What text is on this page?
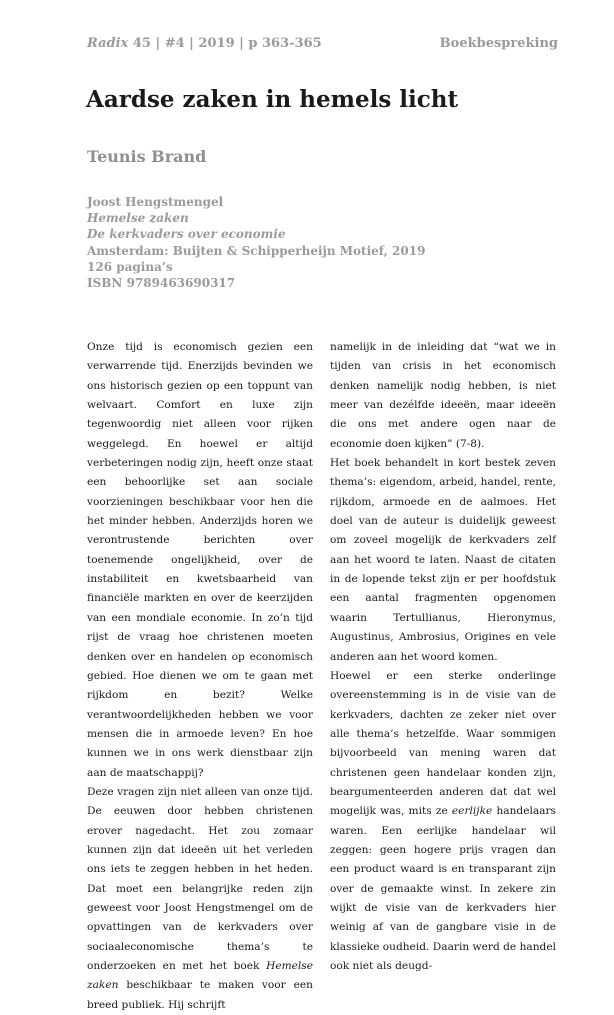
Radix 45 | #4 | 2019 | p 363-365	Boekbespreking
Aardse zaken in hemels licht
Teunis Brand
Joost Hengstmengel
Hemelse zaken
De kerkvaders over economie
Amsterdam: Buijten & Schipperheijn Motief, 2019
126 pagina’s
ISBN 9789463690317

Onze tijd is economisch gezien een verwarrende tijd. Enerzijds bevinden we ons historisch gezien op een toppunt van welvaart. Comfort en luxe zijn tegenwoordig niet alleen voor rijken weggelegd. En hoewel er altijd verbeteringen nodig zijn, heeft onze staat een behoorlijke set aan sociale voorzieningen beschikbaar voor hen die het minder hebben. Anderzijds horen we verontrustende berichten over toenemende ongelijkheid, over de instabiliteit en kwetsbaarheid van financiële markten en over de keerzijden van een mondiale economie. In zo’n tijd rijst de vraag hoe christenen moeten denken over en handelen op economisch gebied. Hoe dienen we om te gaan met rijkdom en bezit? Welke verantwoordelijkheden hebben we voor mensen die in armoede leven? En hoe kunnen we in ons werk dienstbaar zijn aan de maatschappij?

Deze vragen zijn niet alleen van onze tijd. De eeuwen door hebben christenen erover nagedacht. Het zou zomaar kunnen zijn dat ideeën uit het verleden ons iets te zeggen hebben in het heden. Dat moet een belangrijke reden zijn geweest voor Joost Hengstmengel om de opvattingen van de kerkvaders over sociaaleconomische thema’s te onderzoeken en met het boek Hemelse zaken beschikbaar te maken voor een breed publiek. Hij schrijft

namelijk in de inleiding dat “wat we in tijden van crisis in het economisch denken namelijk nodig hebben, is niet meer van dezélfde ideeën, maar ideeën die ons met andere ogen naar de economie doen kijken” (7-8).

Het boek behandelt in kort bestek zeven thema’s: eigendom, arbeid, handel, rente, rijkdom, armoede en de aalmoes. Het doel van de auteur is duidelijk geweest om zoveel mogelijk de kerkvaders zelf aan het woord te laten. Naast de citaten in de lopende tekst zijn er per hoofdstuk een aantal fragmenten opgenomen waarin Tertullianus, Hieronymus, Augustinus, Ambrosius, Origines en vele anderen aan het woord komen.

Hoewel er een sterke onderlinge overeenstemming is in de visie van de kerkvaders, dachten ze zeker niet over alle thema’s hetzelfde. Waar sommigen bijvoorbeeld van mening waren dat christenen geen handelaar konden zijn, beargumenteerden anderen dat dat wel mogelijk was, mits ze eerlijke handelaars waren. Een eerlijke handelaar wil zeggen: geen hogere prijs vragen dan een product waard is en transparant zijn over de gemaakte winst. In zekere zin wijkt de visie van de kerkvaders hier weinig af van de gangbare visie in de klassieke oudheid. Daarin werd de handel ook niet als deugd-
